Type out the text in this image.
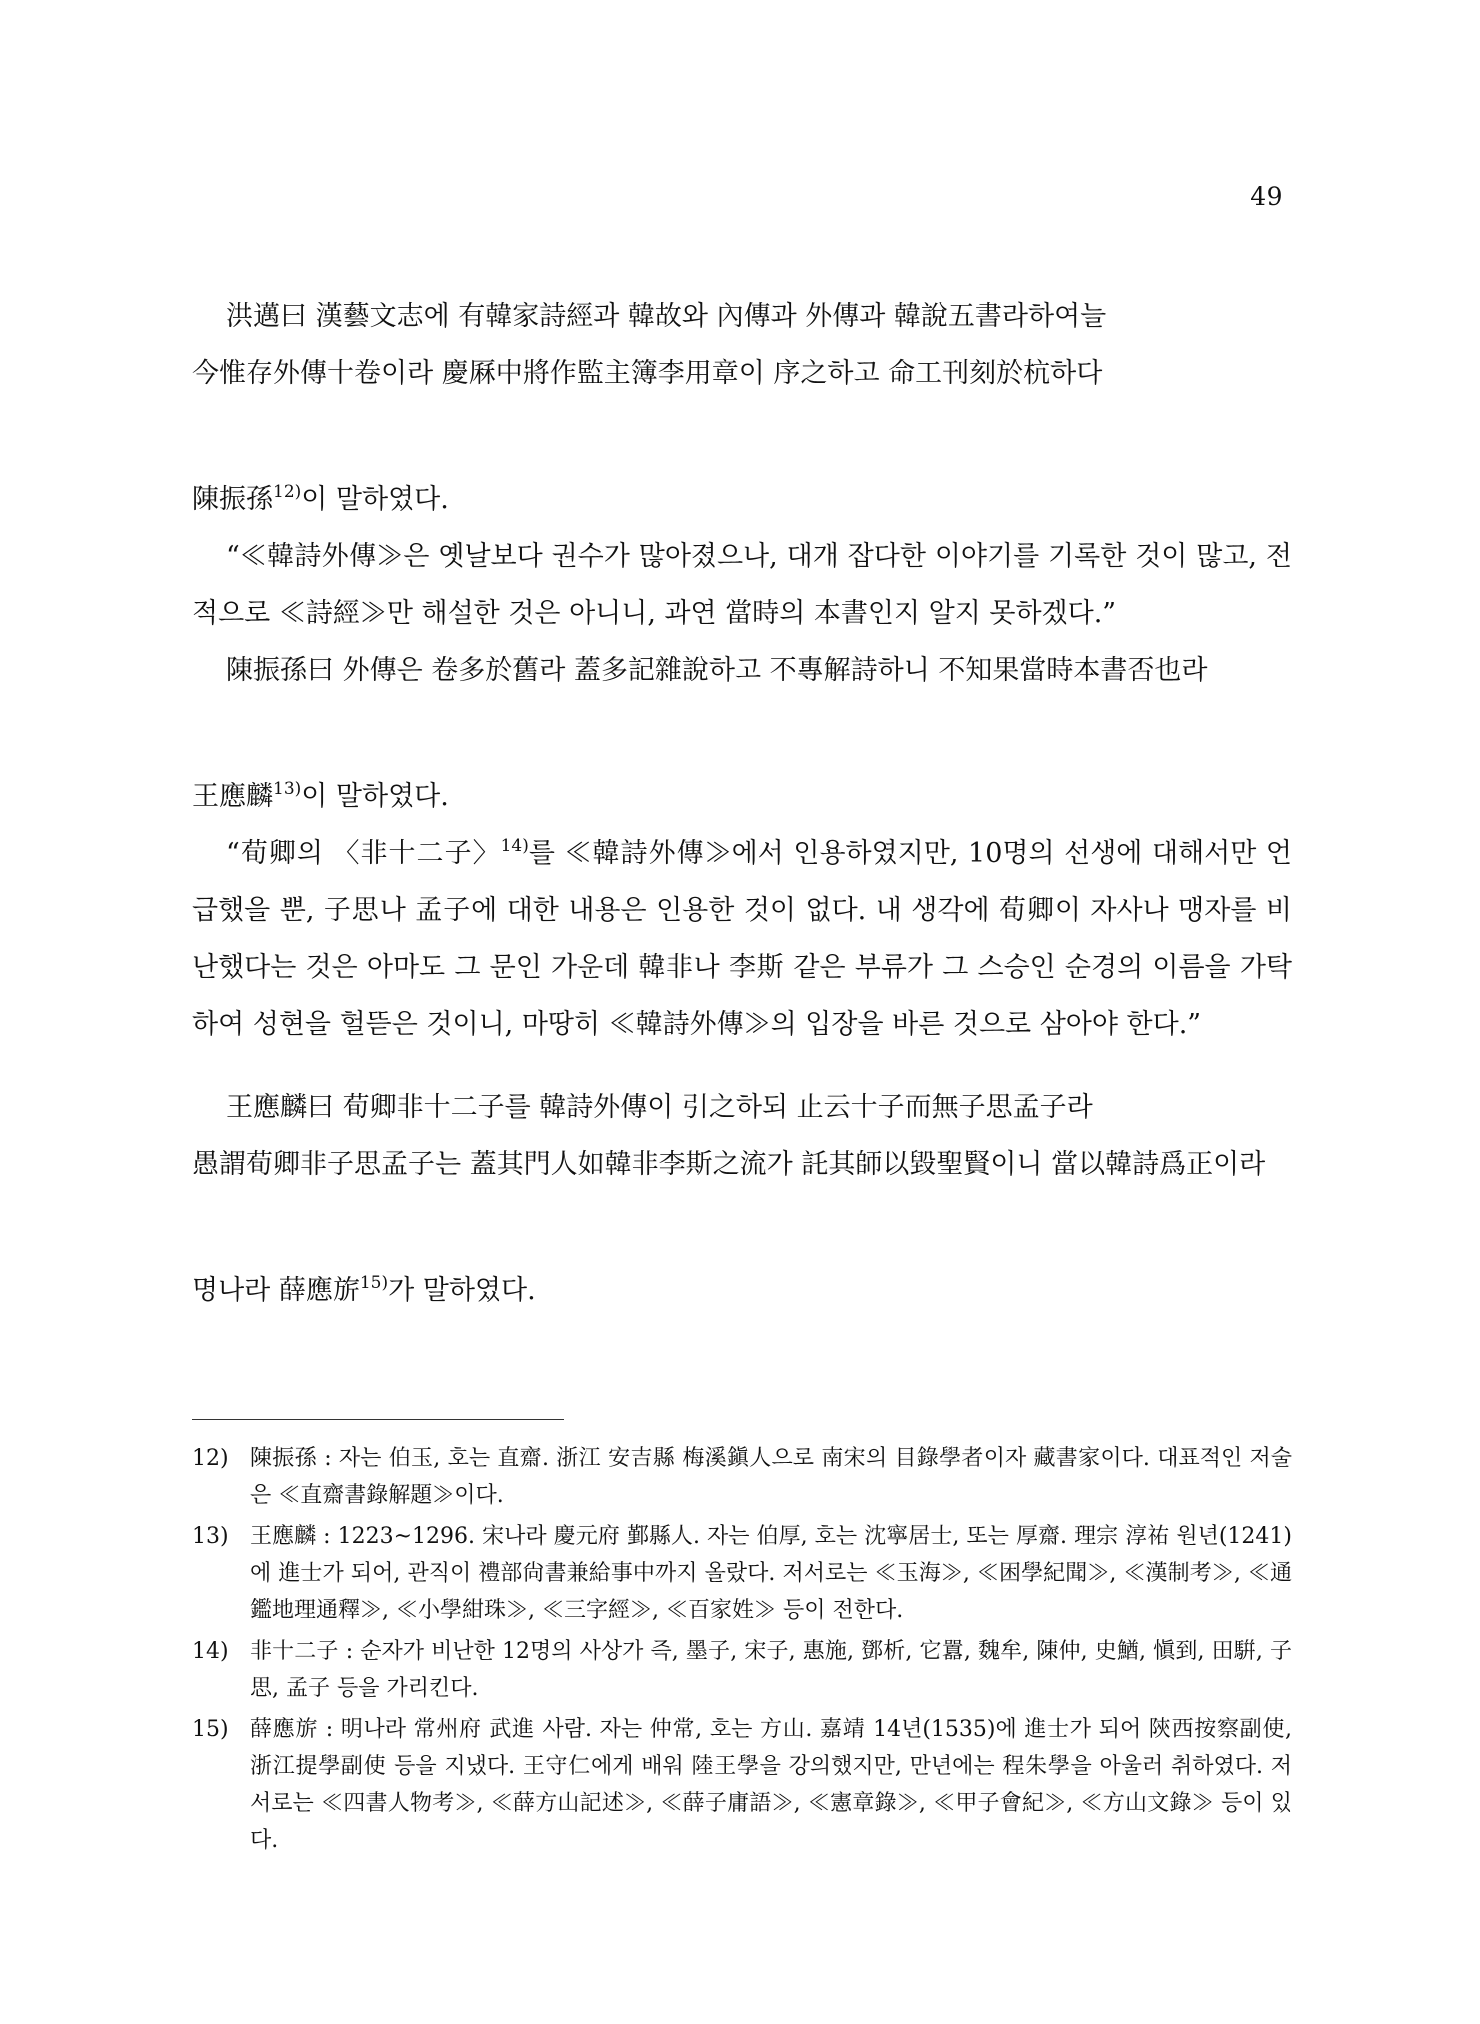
49

洪邁曰 漢藝文志에 有韓家詩經과 韓故와 內傳과 外傳과 韓說五書라하여늘 今惟存外傳十卷이라 慶厤中將作監主簿李用章이 序之하고 命工刊刻於杭하다

陳振孫$^{12)}$이 말하였다.

“≪韓詩外傳≫은 옛날보다 권수가 많아졌으나, 대개 잡다한 이야기를 기록한 것이 많고, 전적으로 ≪詩經≫만 해설한 것은 아니니, 과연 當時의 本書인지 알지 못하겠다.”

陳振孫曰 外傳은 卷多於舊라 蓋多記雜說하고 不專解詩하니 不知果當時本書否也라

王應麟$^{13)}$이 말하였다.

“荀卿의 〈非十二子〉$^{14)}$를 ≪韓詩外傳≫에서 인용하였지만, 10명의 선생에 대해서만 언급했을 뿐, 子思나 孟子에 대한 내용은 인용한 것이 없다. 내 생각에 荀卿이 자사나 맹자를 비난했다는 것은 아마도 그 문인 가운데 韓非나 李斯 같은 부류가 그 스승인 순경의 이름을 가탁하여 성현을 헐뜯은 것이니, 마땅히 ≪韓詩外傳≫의 입장을 바른 것으로 삼아야 한다.”

王應麟曰 荀卿非十二子를 韓詩外傳이 引之하되 止云十子而無子思孟子라 愚謂荀卿非子思孟子는 蓋其門人如韓非李斯之流가 託其師以毀聖賢이니 當以韓詩爲正이라

명나라 薛應旂$^{15)}$가 말하였다.

12) 陳振孫 : 자는 伯玉, 호는 直齋. 浙江 安吉縣 梅溪鎭人으로 南宋의 目錄學者이자 藏書家이다. 대표적인 저술은 ≪直齋書錄解題≫이다.
13) 王應麟 : 1223~1296. 宋나라 慶元府 鄞縣人. 자는 伯厚, 호는 沈寧居士, 또는 厚齋. 理宗 淳祐 원년(1241)에 進士가 되어, 관직이 禮部尙書兼給事中까지 올랐다. 저서로는 ≪玉海≫, ≪困學紀聞≫, ≪漢制考≫, ≪通鑑地理通釋≫, ≪小學紺珠≫, ≪三字經≫, ≪百家姓≫ 등이 전한다.
14) 非十二子 : 순자가 비난한 12명의 사상가 즉, 墨子, 宋子, 惠施, 鄧析, 它囂, 魏牟, 陳仲, 史鰌, 愼到, 田騈, 子思, 孟子 등을 가리킨다.
15) 薛應旂 : 明나라 常州府 武進 사람. 자는 仲常, 호는 方山. 嘉靖 14년(1535)에 進士가 되어 陝西按察副使, 浙江提學副使 등을 지냈다. 王守仁에게 배워 陸王學을 강의했지만, 만년에는 程朱學을 아울러 취하였다. 저서로는 ≪四書人物考≫, ≪薛方山記述≫, ≪薛子庸語≫, ≪憲章錄≫, ≪甲子會紀≫, ≪方山文錄≫ 등이 있다.
